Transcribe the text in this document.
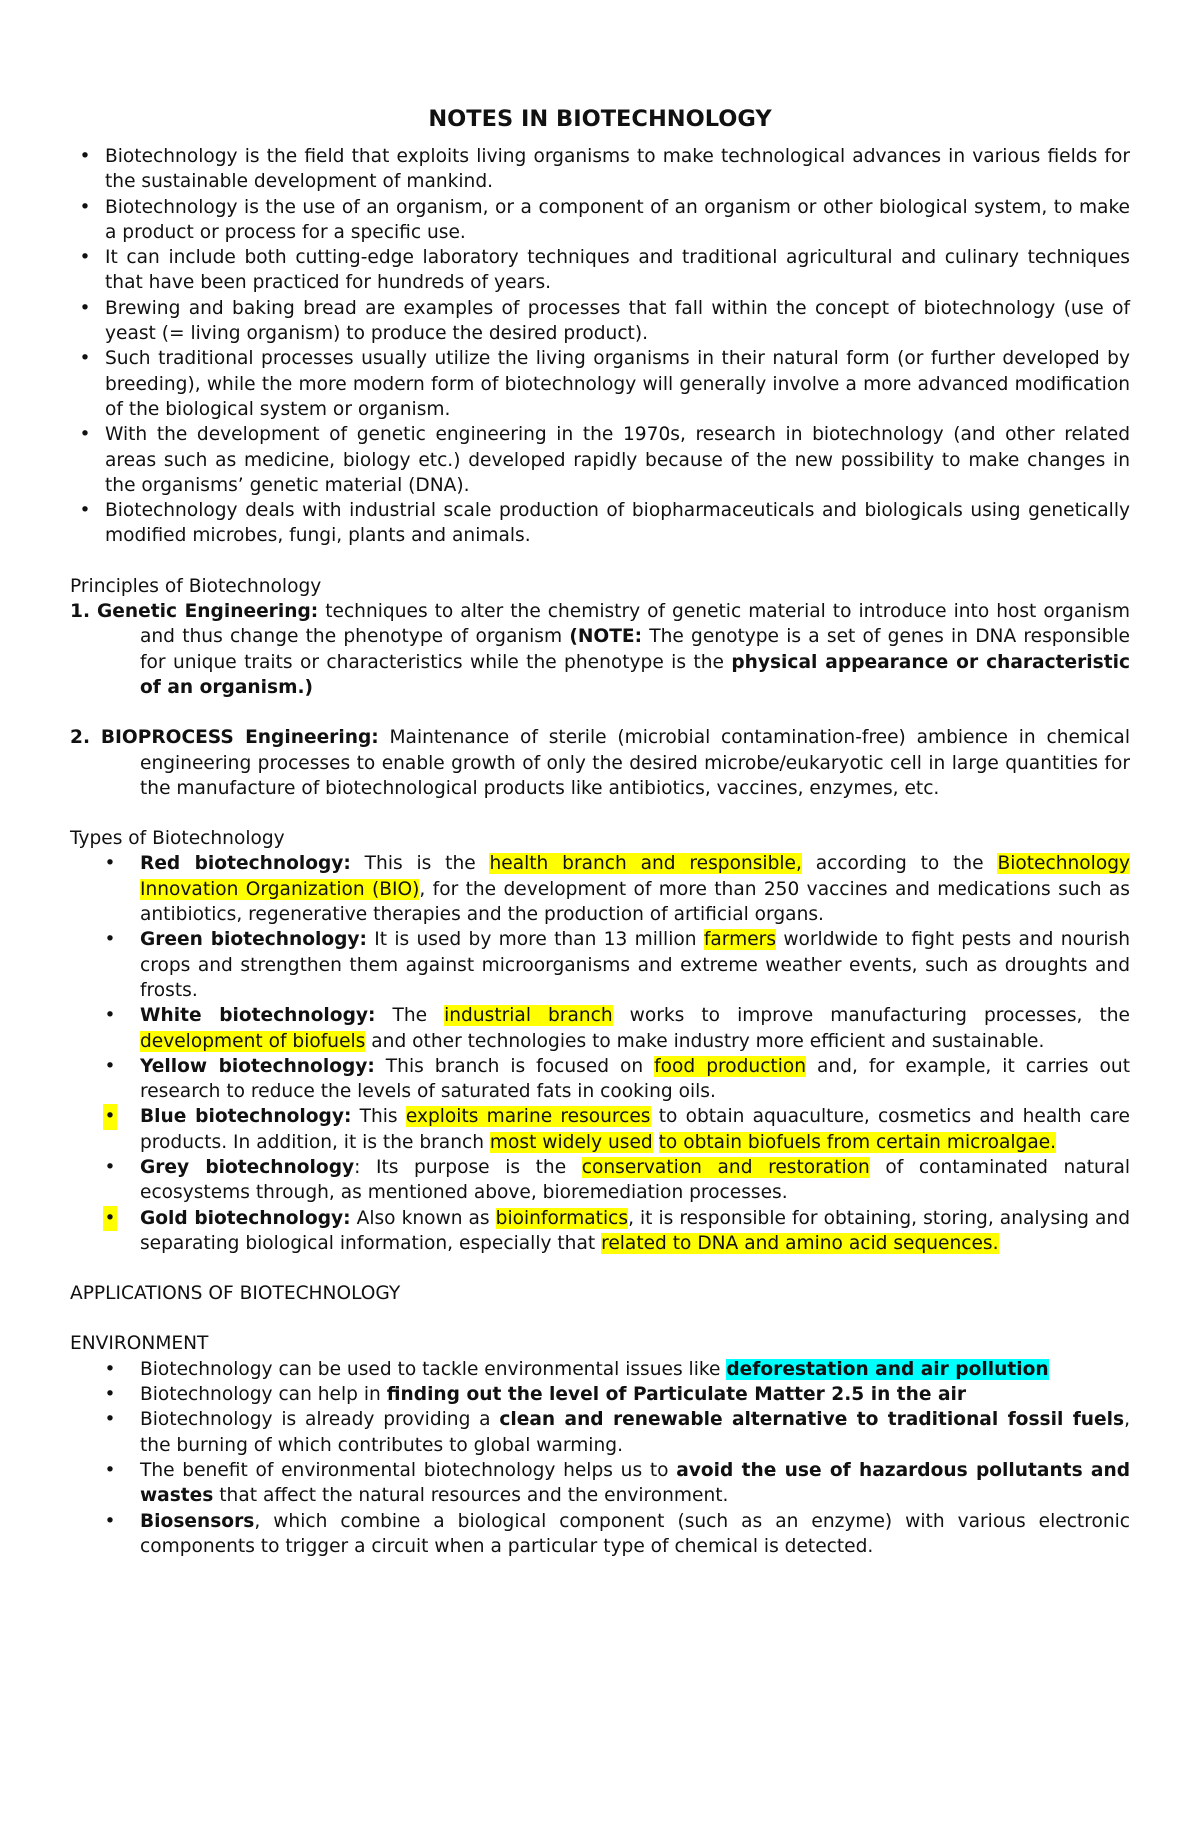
NOTES IN BIOTECHNOLOGY
• Biotechnology is the field that exploits living organisms to make technological advances in various fields for the sustainable development of mankind.
• Biotechnology is the use of an organism, or a component of an organism or other biological system, to make a product or process for a specific use.
• It can include both cutting-edge laboratory techniques and traditional agricultural and culinary techniques that have been practiced for hundreds of years.
• Brewing and baking bread are examples of processes that fall within the concept of biotechnology (use of yeast (= living organism) to produce the desired product).
• Such traditional processes usually utilize the living organisms in their natural form (or further developed by breeding), while the more modern form of biotechnology will generally involve a more advanced modification of the biological system or organism.
• With the development of genetic engineering in the 1970s, research in biotechnology (and other related areas such as medicine, biology etc.) developed rapidly because of the new possibility to make changes in the organisms’ genetic material (DNA).
• Biotechnology deals with industrial scale production of biopharmaceuticals and biologicals using genetically modified microbes, fungi, plants and animals.

Principles of Biotechnology

1. Genetic Engineering: techniques to alter the chemistry of genetic material to introduce into host organism and thus change the phenotype of organism (NOTE: The genotype is a set of genes in DNA responsible for unique traits or characteristics while the phenotype is the physical appearance or characteristic of an organism.)

2. BIOPROCESS Engineering: Maintenance of sterile (microbial contamination-free) ambience in chemical engineering processes to enable growth of only the desired microbe/eukaryotic cell in large quantities for the manufacture of biotechnological products like antibiotics, vaccines, enzymes, etc.

Types of Biotechnology

• Red biotechnology: This is the health branch and responsible, according to the Biotechnology Innovation Organization (BIO), for the development of more than 250 vaccines and medications such as antibiotics, regenerative therapies and the production of artificial organs.
• Green biotechnology: It is used by more than 13 million farmers worldwide to fight pests and nourish crops and strengthen them against microorganisms and extreme weather events, such as droughts and frosts.
• White biotechnology: The industrial branch works to improve manufacturing processes, the development of biofuels and other technologies to make industry more efficient and sustainable.
• Yellow biotechnology: This branch is focused on food production and, for example, it carries out research to reduce the levels of saturated fats in cooking oils.
• Blue biotechnology: This exploits marine resources to obtain aquaculture, cosmetics and health care products. In addition, it is the branch most widely used to obtain biofuels from certain microalgae.
• Grey biotechnology: Its purpose is the conservation and restoration of contaminated natural ecosystems through, as mentioned above, bioremediation processes.
• Gold biotechnology: Also known as bioinformatics, it is responsible for obtaining, storing, analysing and separating biological information, especially that related to DNA and amino acid sequences.

APPLICATIONS OF BIOTECHNOLOGY

ENVIRONMENT

• Biotechnology can be used to tackle environmental issues like deforestation and air pollution
• Biotechnology can help in finding out the level of Particulate Matter 2.5 in the air
• Biotechnology is already providing a clean and renewable alternative to traditional fossil fuels, the burning of which contributes to global warming.
• The benefit of environmental biotechnology helps us to avoid the use of hazardous pollutants and wastes that affect the natural resources and the environment.
• Biosensors, which combine a biological component (such as an enzyme) with various electronic components to trigger a circuit when a particular type of chemical is detected.
